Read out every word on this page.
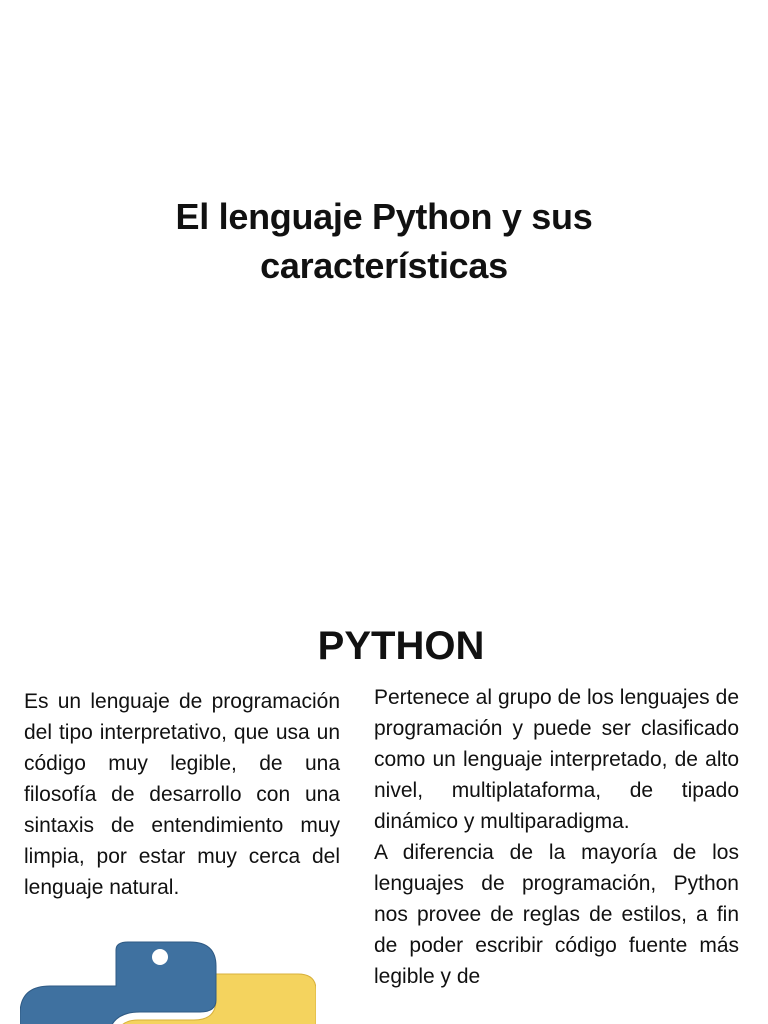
El lenguaje Python y sus características
PYTHON

Es un lenguaje de programación del tipo interpretativo, que usa un código muy legible, de una filosofía de desarrollo con una sintaxis de entendimiento muy limpia, por estar muy cerca del lenguaje natural.

Pertenece al grupo de los lenguajes de programación y puede ser clasificado como un lenguaje interpretado, de alto nivel, multiplataforma, de tipado dinámico y multiparadigma.

A diferencia de la mayoría de los lenguajes de programación, Python nos provee de reglas de estilos, a fin de poder escribir código fuente más legible y de
